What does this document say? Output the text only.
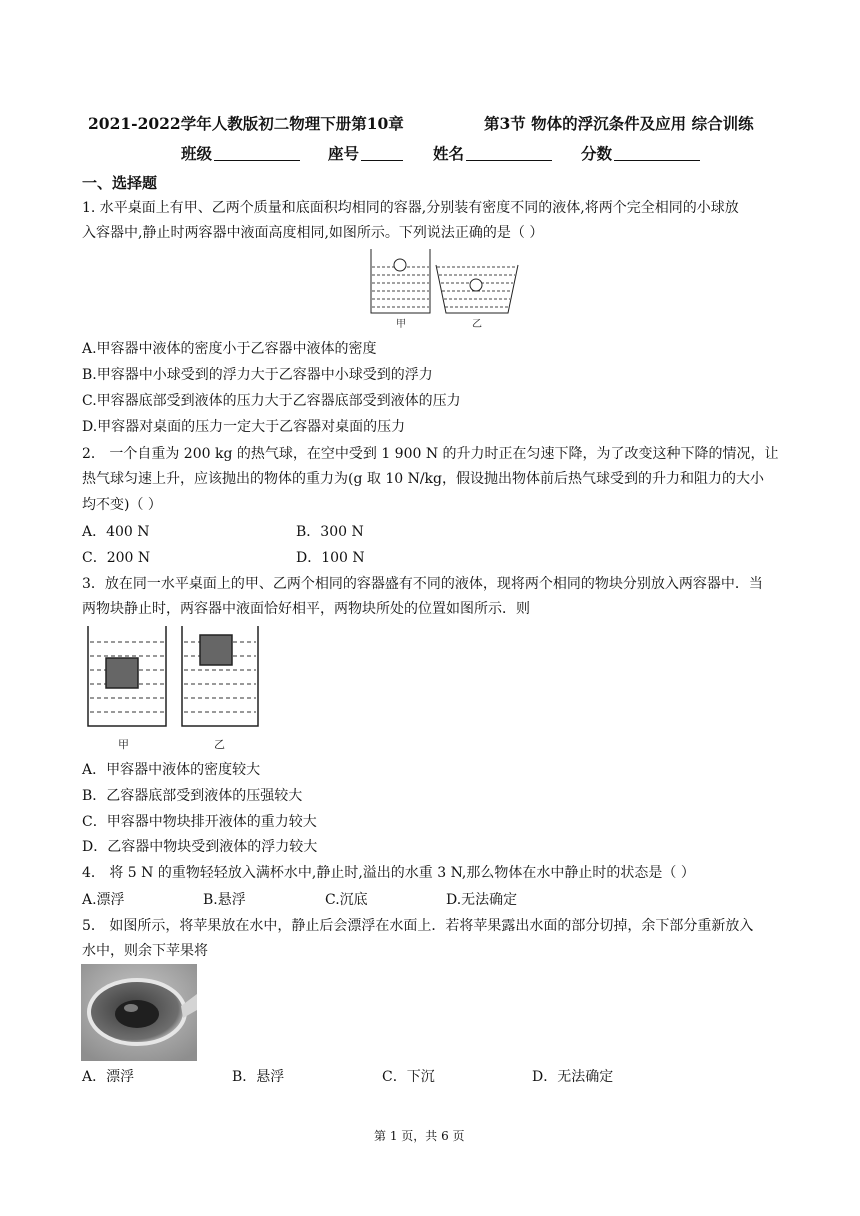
2021-2022学年人教版初二物理下册第10章	第3节 物体的浮沉条件及应用 综合训练
班级	座号	姓名	分数
一、选择题
1. 水平桌面上有甲、乙两个质量和底面积均相同的容器,分别装有密度不同的液体,将两个完全相同的小球放
入容器中,静止时两容器中液面高度相同,如图所示。下列说法正确的是（ ）
甲	乙
A.甲容器中液体的密度小于乙容器中液体的密度
B.甲容器中小球受到的浮力大于乙容器中小球受到的浮力
C.甲容器底部受到液体的压力大于乙容器底部受到液体的压力
D.甲容器对桌面的压力一定大于乙容器对桌面的压力
2． 一个自重为 200 kg 的热气球，在空中受到 1 900 N 的升力时正在匀速下降，为了改变这种下降的情况，让
热气球匀速上升，应该抛出的物体的重力为(g 取 10 N/kg，假设抛出物体前后热气球受到的升力和阻力的大小
均不变)（ ）
A．400 N	B．300 N
C．200 N	D．100 N
3．放在同一水平桌面上的甲、乙两个相同的容器盛有不同的液体，现将两个相同的物块分别放入两容器中．当
两物块静止时，两容器中液面恰好相平，两物块所处的位置如图所示．则
甲	乙
A．甲容器中液体的密度较大
B．乙容器底部受到液体的压强较大
C．甲容器中物块排开液体的重力较大
D．乙容器中物块受到液体的浮力较大
4． 将 5 N 的重物轻轻放入满杯水中,静止时,溢出的水重 3 N,那么物体在水中静止时的状态是（ ）
A.漂浮	B.悬浮	C.沉底	D.无法确定
5． 如图所示，将苹果放在水中，静止后会漂浮在水面上．若将苹果露出水面的部分切掉，余下部分重新放入
水中，则余下苹果将
A．漂浮	B．悬浮	C．下沉	D．无法确定
第 1 页，共 6 页
